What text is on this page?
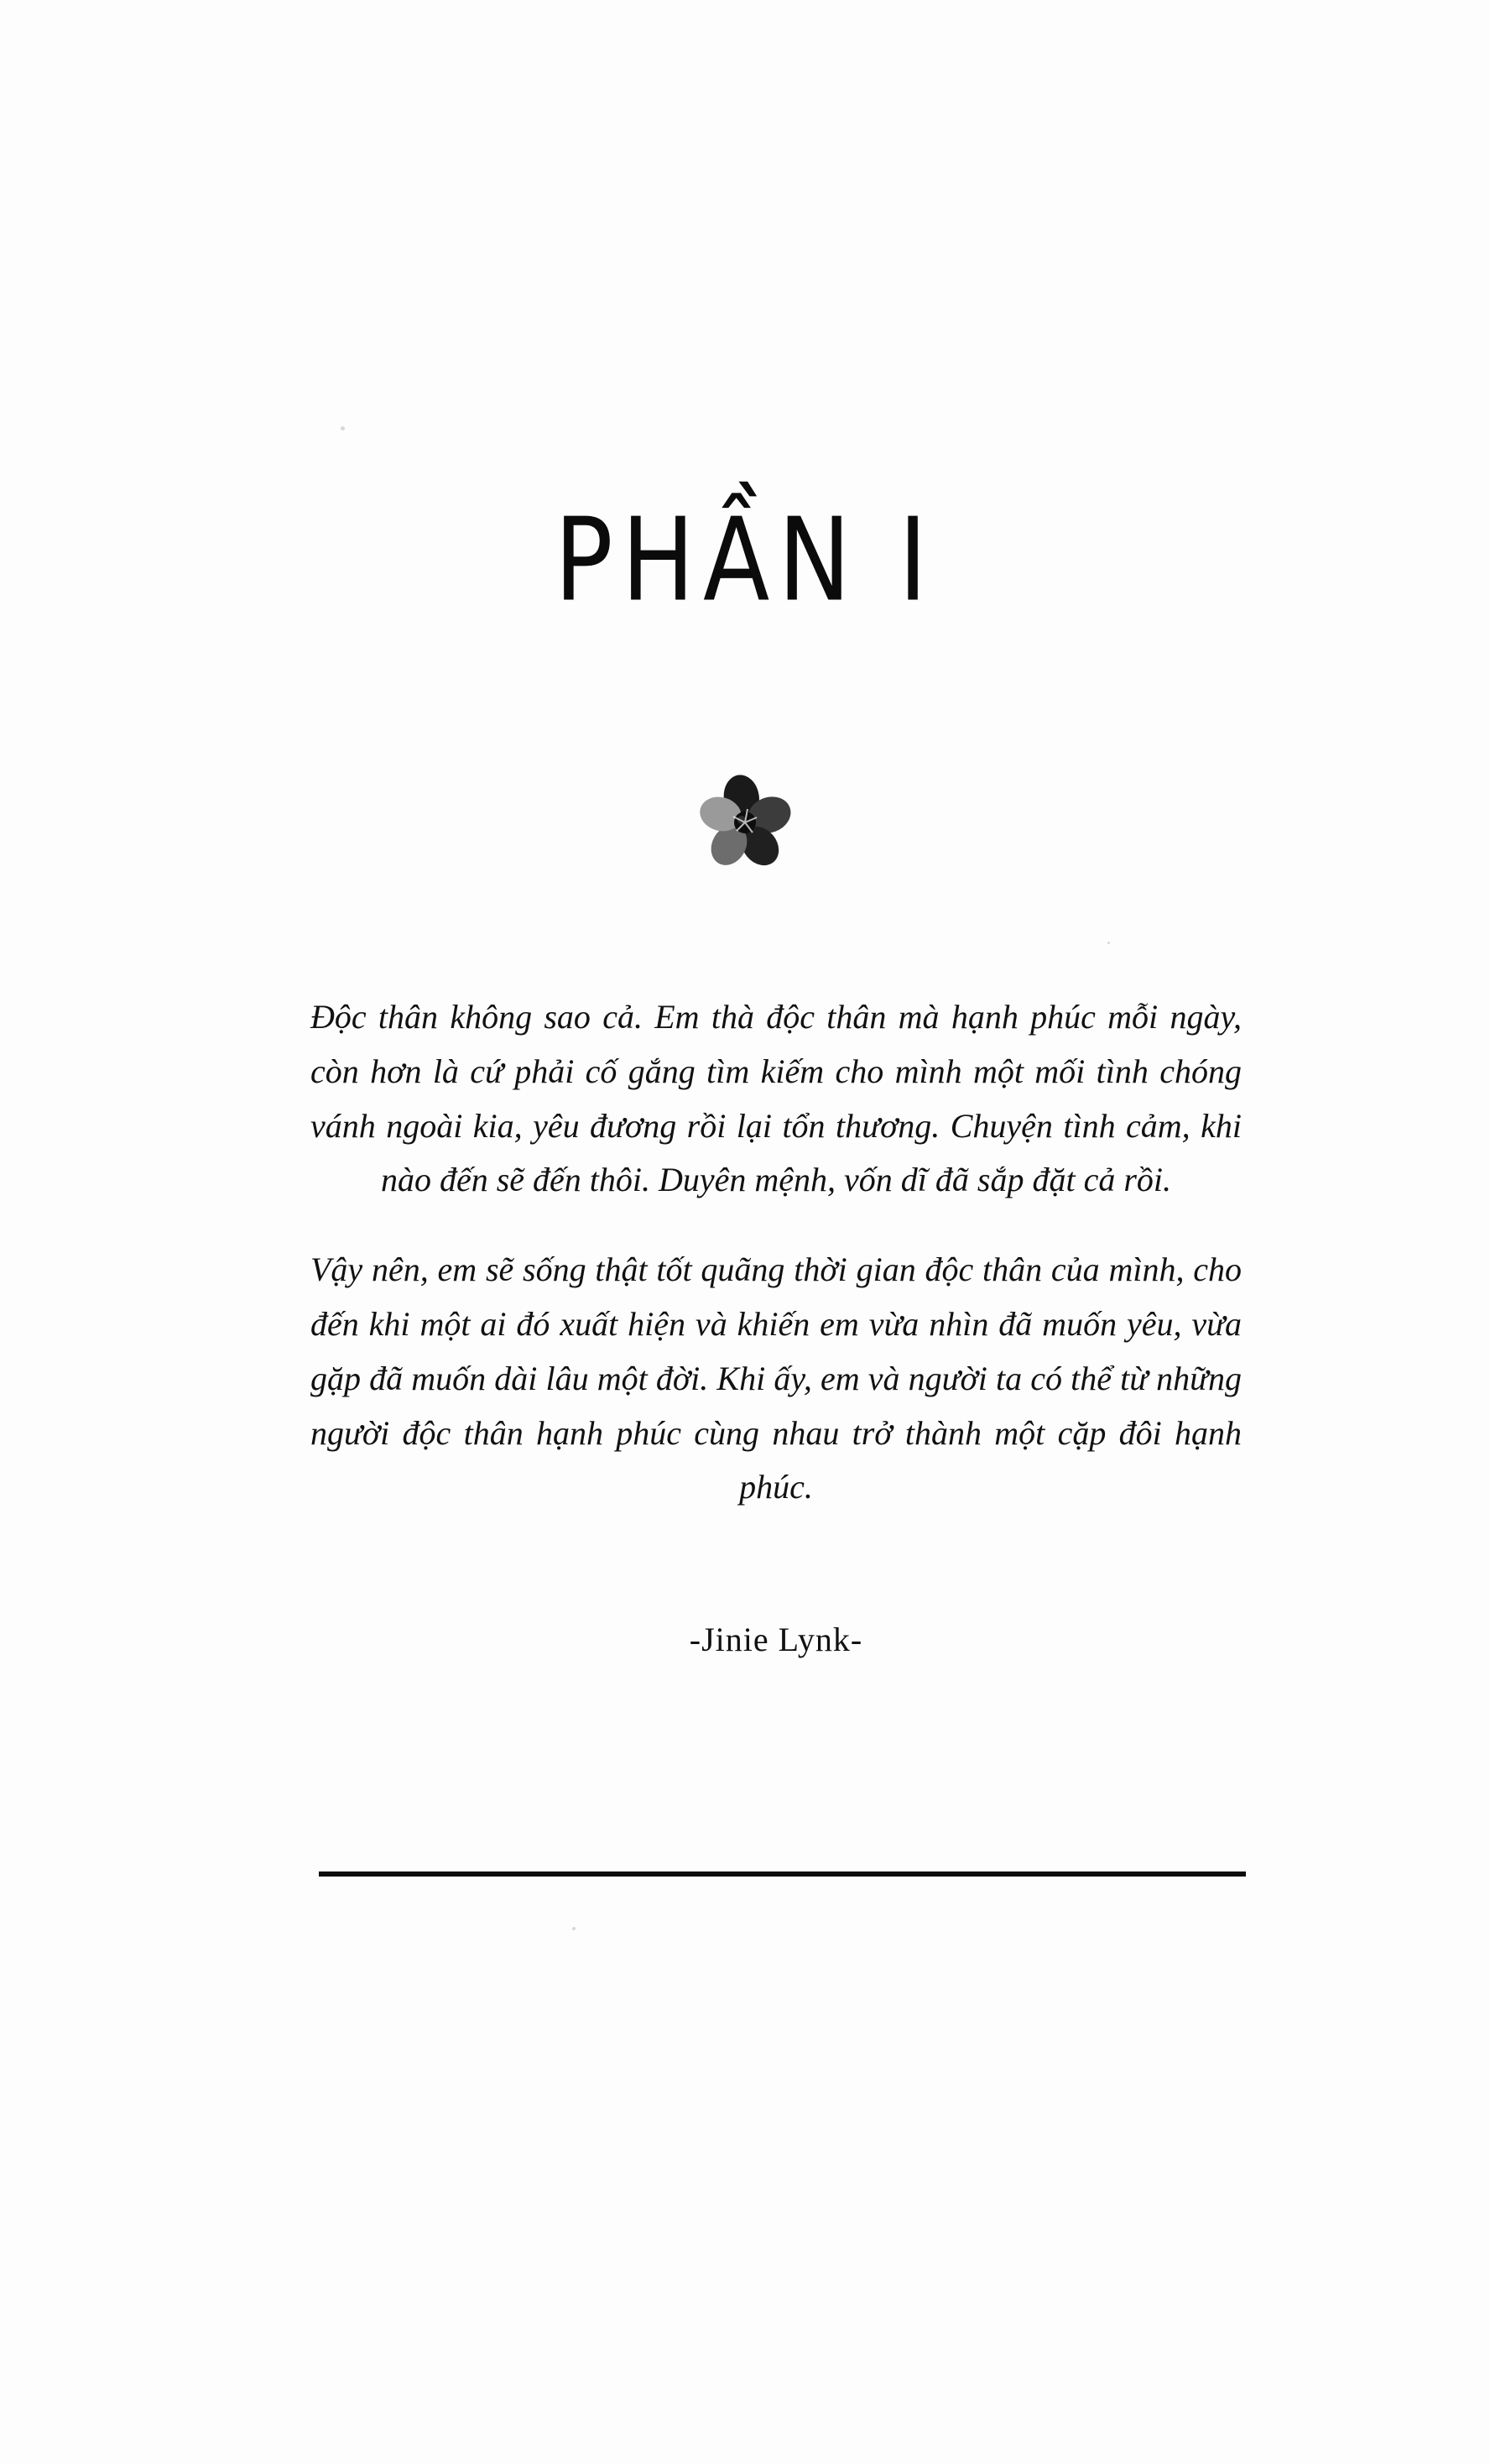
PHẦN I

Độc thân không sao cả. Em thà độc thân mà hạnh phúc mỗi ngày, còn hơn là cứ phải cố gắng tìm kiếm cho mình một mối tình chóng vánh ngoài kia, yêu đương rồi lại tổn thương. Chuyện tình cảm, khi nào đến sẽ đến thôi. Duyên mệnh, vốn dĩ đã sắp đặt cả rồi.

Vậy nên, em sẽ sống thật tốt quãng thời gian độc thân của mình, cho đến khi một ai đó xuất hiện và khiến em vừa nhìn đã muốn yêu, vừa gặp đã muốn dài lâu một đời. Khi ấy, em và người ta có thể từ những người độc thân hạnh phúc cùng nhau trở thành một cặp đôi hạnh phúc.

-Jinie Lynk-
